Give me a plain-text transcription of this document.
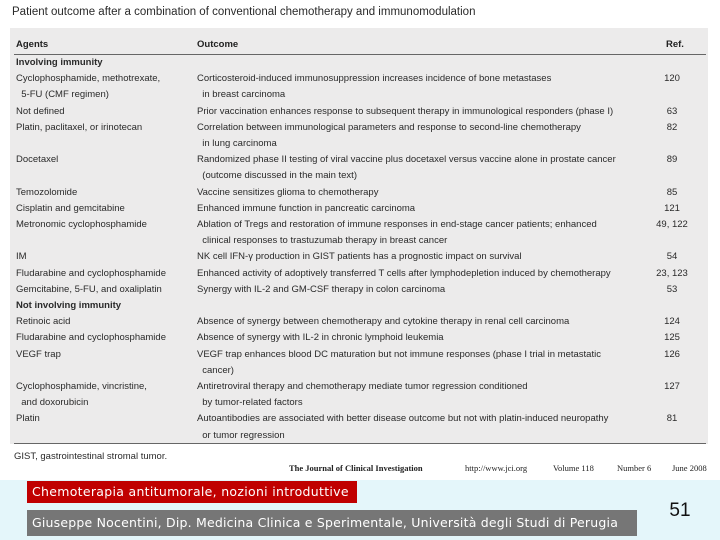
Patient outcome after a combination of conventional chemotherapy and immunomodulation
Agents	Outcome	Ref.
Involving immunity
Cyclophosphamide, methotrexate,	Corticosteroid-induced immunosuppression increases incidence of bone metastases	120
5-FU (CMF regimen)	in breast carcinoma
Not defined	Prior vaccination enhances response to subsequent therapy in immunological responders (phase I)	63
Platin, paclitaxel, or irinotecan	Correlation between immunological parameters and response to second-line chemotherapy	82
in lung carcinoma
Docetaxel	Randomized phase II testing of viral vaccine plus docetaxel versus vaccine alone in prostate cancer	89
(outcome discussed in the main text)
Temozolomide	Vaccine sensitizes glioma to chemotherapy	85
Cisplatin and gemcitabine	Enhanced immune function in pancreatic carcinoma	121
Metronomic cyclophosphamide	Ablation of Tregs and restoration of immune responses in end-stage cancer patients; enhanced	49, 122
clinical responses to trastuzumab therapy in breast cancer
IM	NK cell IFN-γ production in GIST patients has a prognostic impact on survival	54
Fludarabine and cyclophosphamide	Enhanced activity of adoptively transferred T cells after lymphodepletion induced by chemotherapy	23, 123
Gemcitabine, 5-FU, and oxaliplatin	Synergy with IL-2 and GM-CSF therapy in colon carcinoma	53
Not involving immunity
Retinoic acid	Absence of synergy between chemotherapy and cytokine therapy in renal cell carcinoma	124
Fludarabine and cyclophosphamide	Absence of synergy with IL-2 in chronic lymphoid leukemia	125
VEGF trap	VEGF trap enhances blood DC maturation but not immune responses (phase I trial in metastatic	126
cancer)
Cyclophosphamide, vincristine,	Antiretroviral therapy and chemotherapy mediate tumor regression conditioned	127
and doxorubicin	by tumor-related factors
Platin	Autoantibodies are associated with better disease outcome but not with platin-induced neuropathy	81
or tumor regression
GIST, gastrointestinal stromal tumor.
The Journal of Clinical Investigation	http://www.jci.org	Volume 118	Number 6 June 2008
Chemoterapia antitumorale, nozioni introduttive
Giuseppe Nocentini, Dip. Medicina Clinica e Sperimentale, Università degli Studi di Perugia
51
